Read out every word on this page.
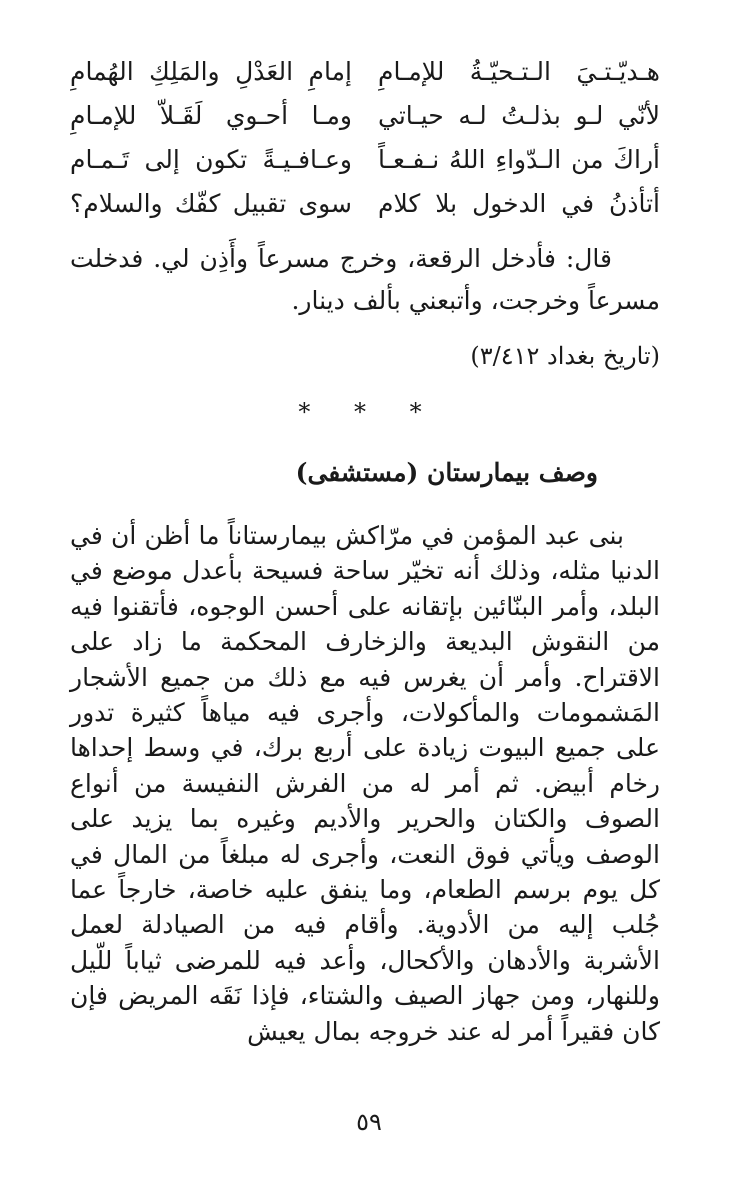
هـديّـتـيَ الـتـحيّـةُ للإمـامِ
إمامِ العَدْلِ والمَلِكِ الهُمامِ
لأنّي لـو بذلـتُ لـه حيـاتي
ومـا أحـوي لَقَـلاّ للإمـامِ
أراكَ من الـدّواءِ اللهُ نـفـعـاً
وعـافـيـةً تكون إلى تَـمـام
أتأذنُ في الدخول بلا كلام
سوى تقبيل كفّك والسلام؟

قال: فأدخل الرقعة، وخرج مسرعاً وأَذِن لي. فدخلت مسرعاً وخرجت، وأتبعني بألف دينار.

(تاريخ بغداد ٣/٤١٢)

* * *
وصف بيمارستان (مستشفى)

بنى عبد المؤمن في مرّاكش بيمارستاناً ما أظن أن في الدنيا مثله، وذلك أنه تخيّر ساحة فسيحة بأعدل موضع في البلد، وأمر البنّائين بإتقانه على أحسن الوجوه، فأتقنوا فيه من النقوش البديعة والزخارف المحكمة ما زاد على الاقتراح. وأمر أن يغرس فيه مع ذلك من جميع الأشجار المَشمومات والمأكولات، وأجرى فيه مياهاً كثيرة تدور على جميع البيوت زيادة على أربع برك، في وسط إحداها رخام أبيض. ثم أمر له من الفرش النفيسة من أنواع الصوف والكتان والحرير والأديم وغيره بما يزيد على الوصف ويأتي فوق النعت، وأجرى له مبلغاً من المال في كل يوم برسم الطعام، وما ينفق عليه خاصة، خارجاً عما جُلب إليه من الأدوية. وأقام فيه من الصيادلة لعمل الأشربة والأدهان والأكحال، وأعد فيه للمرضى ثياباً للّيل وللنهار، ومن جهاز الصيف والشتاء، فإذا نَقَه المريض فإن كان فقيراً أمر له عند خروجه بمال يعيش

٥٩
